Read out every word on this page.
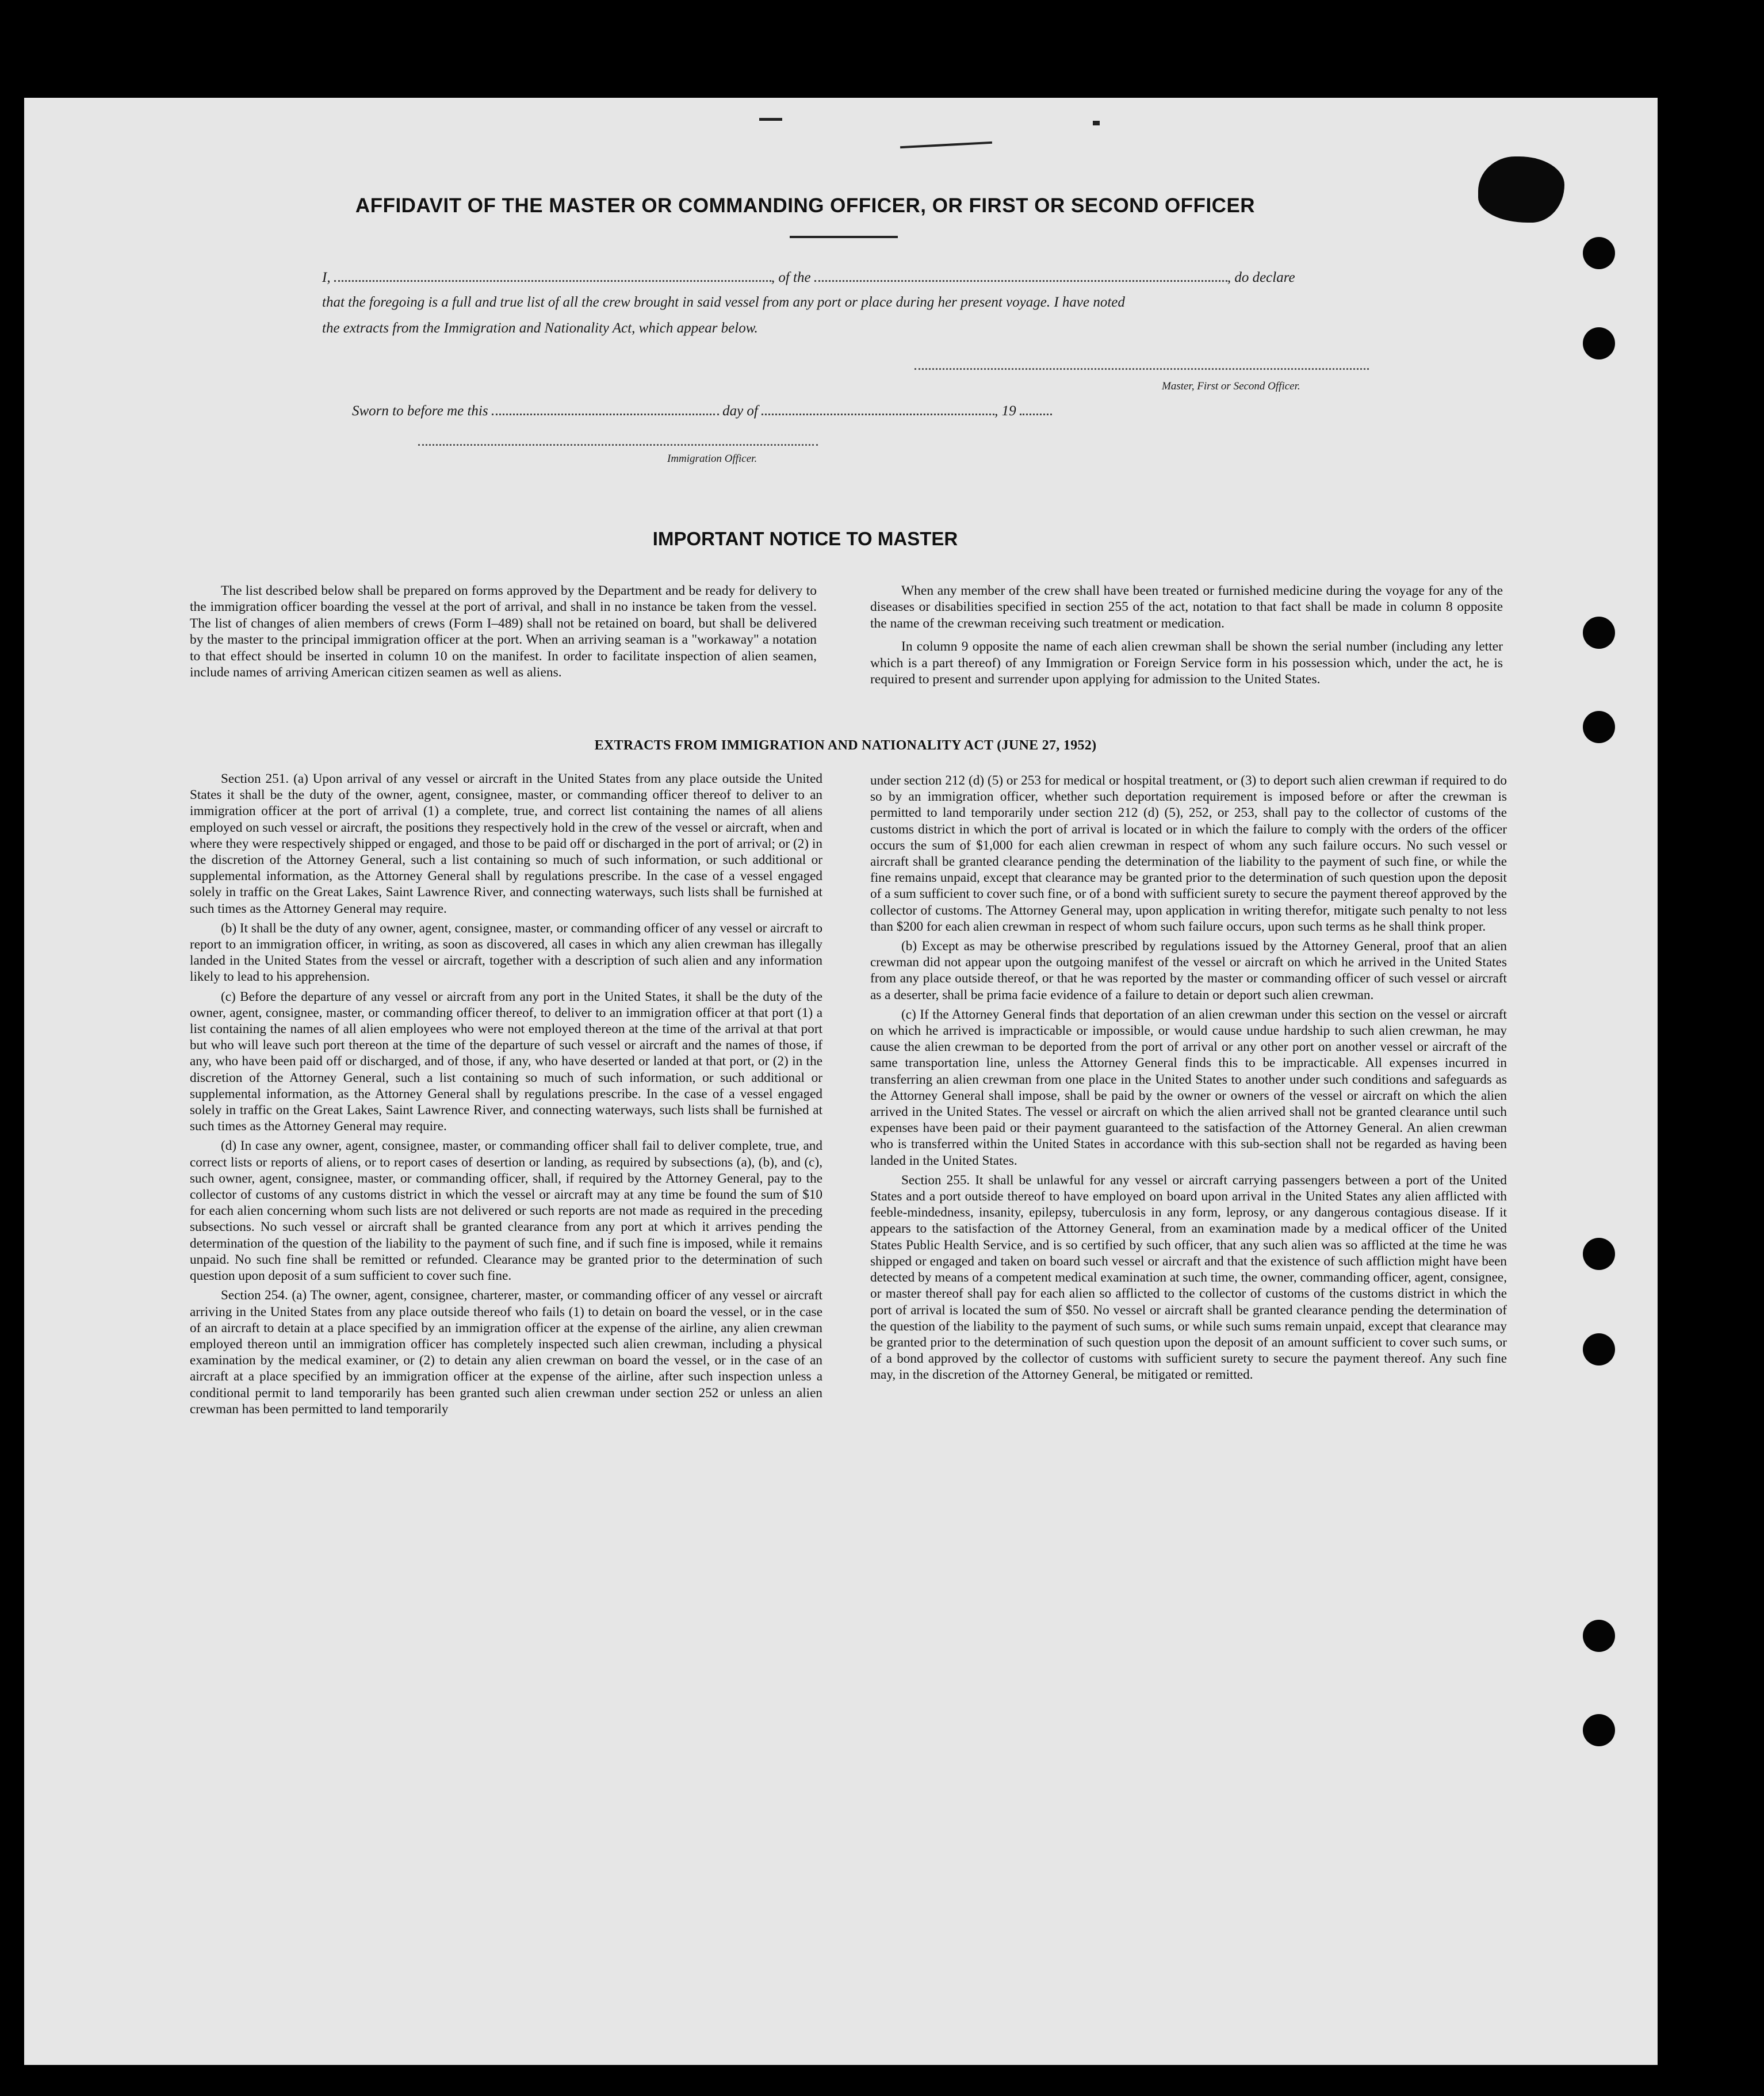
AFFIDAVIT OF THE MASTER OR COMMANDING OFFICER, OR FIRST OR SECOND OFFICER
I,	, of the	, do declare
that the foregoing is a full and true list of all the crew brought in said vessel from any port or place during her present voyage. I have noted
the extracts from the Immigration and Nationality Act, which appear below.
Master, First or Second Officer.
Sworn to before me this	day of	, 19
Immigration Officer.
IMPORTANT NOTICE TO MASTER

The list described below shall be prepared on forms approved by the Department and be ready for delivery to the immigration officer boarding the vessel at the port of arrival, and shall in no instance be taken from the vessel. The list of changes of alien members of crews (Form I–489) shall not be retained on board, but shall be delivered by the master to the principal immigration officer at the port. When an arriving seaman is a "workaway" a notation to that effect should be inserted in column 10 on the manifest. In order to facilitate inspection of alien seamen, include names of arriving American citizen seamen as well as aliens.

When any member of the crew shall have been treated or furnished medicine during the voyage for any of the diseases or disabilities specified in section 255 of the act, notation to that fact shall be made in column 8 opposite the name of the crewman receiving such treatment or medication.

In column 9 opposite the name of each alien crewman shall be shown the serial number (including any letter which is a part thereof) of any Immigration or Foreign Service form in his possession which, under the act, he is required to present and surrender upon applying for admission to the United States.

EXTRACTS FROM IMMIGRATION AND NATIONALITY ACT (JUNE 27, 1952)

Section 251. (a) Upon arrival of any vessel or aircraft in the United States from any place outside the United States it shall be the duty of the owner, agent, consignee, master, or commanding officer thereof to deliver to an immigration officer at the port of arrival (1) a complete, true, and correct list containing the names of all aliens employed on such vessel or aircraft, the positions they respectively hold in the crew of the vessel or aircraft, when and where they were respectively shipped or engaged, and those to be paid off or discharged in the port of arrival; or (2) in the discretion of the Attorney General, such a list containing so much of such information, or such additional or supplemental information, as the Attorney General shall by regulations prescribe. In the case of a vessel engaged solely in traffic on the Great Lakes, Saint Lawrence River, and connecting waterways, such lists shall be furnished at such times as the Attorney General may require.

(b) It shall be the duty of any owner, agent, consignee, master, or commanding officer of any vessel or aircraft to report to an immigration officer, in writing, as soon as discovered, all cases in which any alien crewman has illegally landed in the United States from the vessel or aircraft, together with a description of such alien and any information likely to lead to his apprehension.

(c) Before the departure of any vessel or aircraft from any port in the United States, it shall be the duty of the owner, agent, consignee, master, or commanding officer thereof, to deliver to an immigration officer at that port (1) a list containing the names of all alien employees who were not employed thereon at the time of the arrival at that port but who will leave such port thereon at the time of the departure of such vessel or aircraft and the names of those, if any, who have been paid off or discharged, and of those, if any, who have deserted or landed at that port, or (2) in the discretion of the Attorney General, such a list containing so much of such information, or such additional or supplemental information, as the Attorney General shall by regulations prescribe. In the case of a vessel engaged solely in traffic on the Great Lakes, Saint Lawrence River, and connecting waterways, such lists shall be furnished at such times as the Attorney General may require.

(d) In case any owner, agent, consignee, master, or commanding officer shall fail to deliver complete, true, and correct lists or reports of aliens, or to report cases of desertion or landing, as required by subsections (a), (b), and (c), such owner, agent, consignee, master, or commanding officer, shall, if required by the Attorney General, pay to the collector of customs of any customs district in which the vessel or aircraft may at any time be found the sum of $10 for each alien concerning whom such lists are not delivered or such reports are not made as required in the preceding subsections. No such vessel or aircraft shall be granted clearance from any port at which it arrives pending the determination of the question of the liability to the payment of such fine, and if such fine is imposed, while it remains unpaid. No such fine shall be remitted or refunded. Clearance may be granted prior to the determination of such question upon deposit of a sum sufficient to cover such fine.

Section 254. (a) The owner, agent, consignee, charterer, master, or commanding officer of any vessel or aircraft arriving in the United States from any place outside thereof who fails (1) to detain on board the vessel, or in the case of an aircraft to detain at a place specified by an immigration officer at the expense of the airline, any alien crewman employed thereon until an immigration officer has completely inspected such alien crewman, including a physical examination by the medical examiner, or (2) to detain any alien crewman on board the vessel, or in the case of an aircraft at a place specified by an immigration officer at the expense of the airline, after such inspection unless a conditional permit to land temporarily has been granted such alien crewman under section 252 or unless an alien crewman has been permitted to land temporarily

under section 212 (d) (5) or 253 for medical or hospital treatment, or (3) to deport such alien crewman if required to do so by an immigration officer, whether such deportation requirement is imposed before or after the crewman is permitted to land temporarily under section 212 (d) (5), 252, or 253, shall pay to the collector of customs of the customs district in which the port of arrival is located or in which the failure to comply with the orders of the officer occurs the sum of $1,000 for each alien crewman in respect of whom any such failure occurs. No such vessel or aircraft shall be granted clearance pending the determination of the liability to the payment of such fine, or while the fine remains unpaid, except that clearance may be granted prior to the determination of such question upon the deposit of a sum sufficient to cover such fine, or of a bond with sufficient surety to secure the payment thereof approved by the collector of customs. The Attorney General may, upon application in writing therefor, mitigate such penalty to not less than $200 for each alien crewman in respect of whom such failure occurs, upon such terms as he shall think proper.

(b) Except as may be otherwise prescribed by regulations issued by the Attorney General, proof that an alien crewman did not appear upon the outgoing manifest of the vessel or aircraft on which he arrived in the United States from any place outside thereof, or that he was reported by the master or commanding officer of such vessel or aircraft as a deserter, shall be prima facie evidence of a failure to detain or deport such alien crewman.

(c) If the Attorney General finds that deportation of an alien crewman under this section on the vessel or aircraft on which he arrived is impracticable or impossible, or would cause undue hardship to such alien crewman, he may cause the alien crewman to be deported from the port of arrival or any other port on another vessel or aircraft of the same transportation line, unless the Attorney General finds this to be impracticable. All expenses incurred in transferring an alien crewman from one place in the United States to another under such conditions and safeguards as the Attorney General shall impose, shall be paid by the owner or owners of the vessel or aircraft on which the alien arrived in the United States. The vessel or aircraft on which the alien arrived shall not be granted clearance until such expenses have been paid or their payment guaranteed to the satisfaction of the Attorney General. An alien crewman who is transferred within the United States in accordance with this sub-section shall not be regarded as having been landed in the United States.

Section 255. It shall be unlawful for any vessel or aircraft carrying passengers between a port of the United States and a port outside thereof to have employed on board upon arrival in the United States any alien afflicted with feeble-mindedness, insanity, epilepsy, tuberculosis in any form, leprosy, or any dangerous contagious disease. If it appears to the satisfaction of the Attorney General, from an examination made by a medical officer of the United States Public Health Service, and is so certified by such officer, that any such alien was so afflicted at the time he was shipped or engaged and taken on board such vessel or aircraft and that the existence of such affliction might have been detected by means of a competent medical examination at such time, the owner, commanding officer, agent, consignee, or master thereof shall pay for each alien so afflicted to the collector of customs of the customs district in which the port of arrival is located the sum of $50. No vessel or aircraft shall be granted clearance pending the determination of the question of the liability to the payment of such sums, or while such sums remain unpaid, except that clearance may be granted prior to the determination of such question upon the deposit of an amount sufficient to cover such sums, or of a bond approved by the collector of customs with sufficient surety to secure the payment thereof. Any such fine may, in the discretion of the Attorney General, be mitigated or remitted.
